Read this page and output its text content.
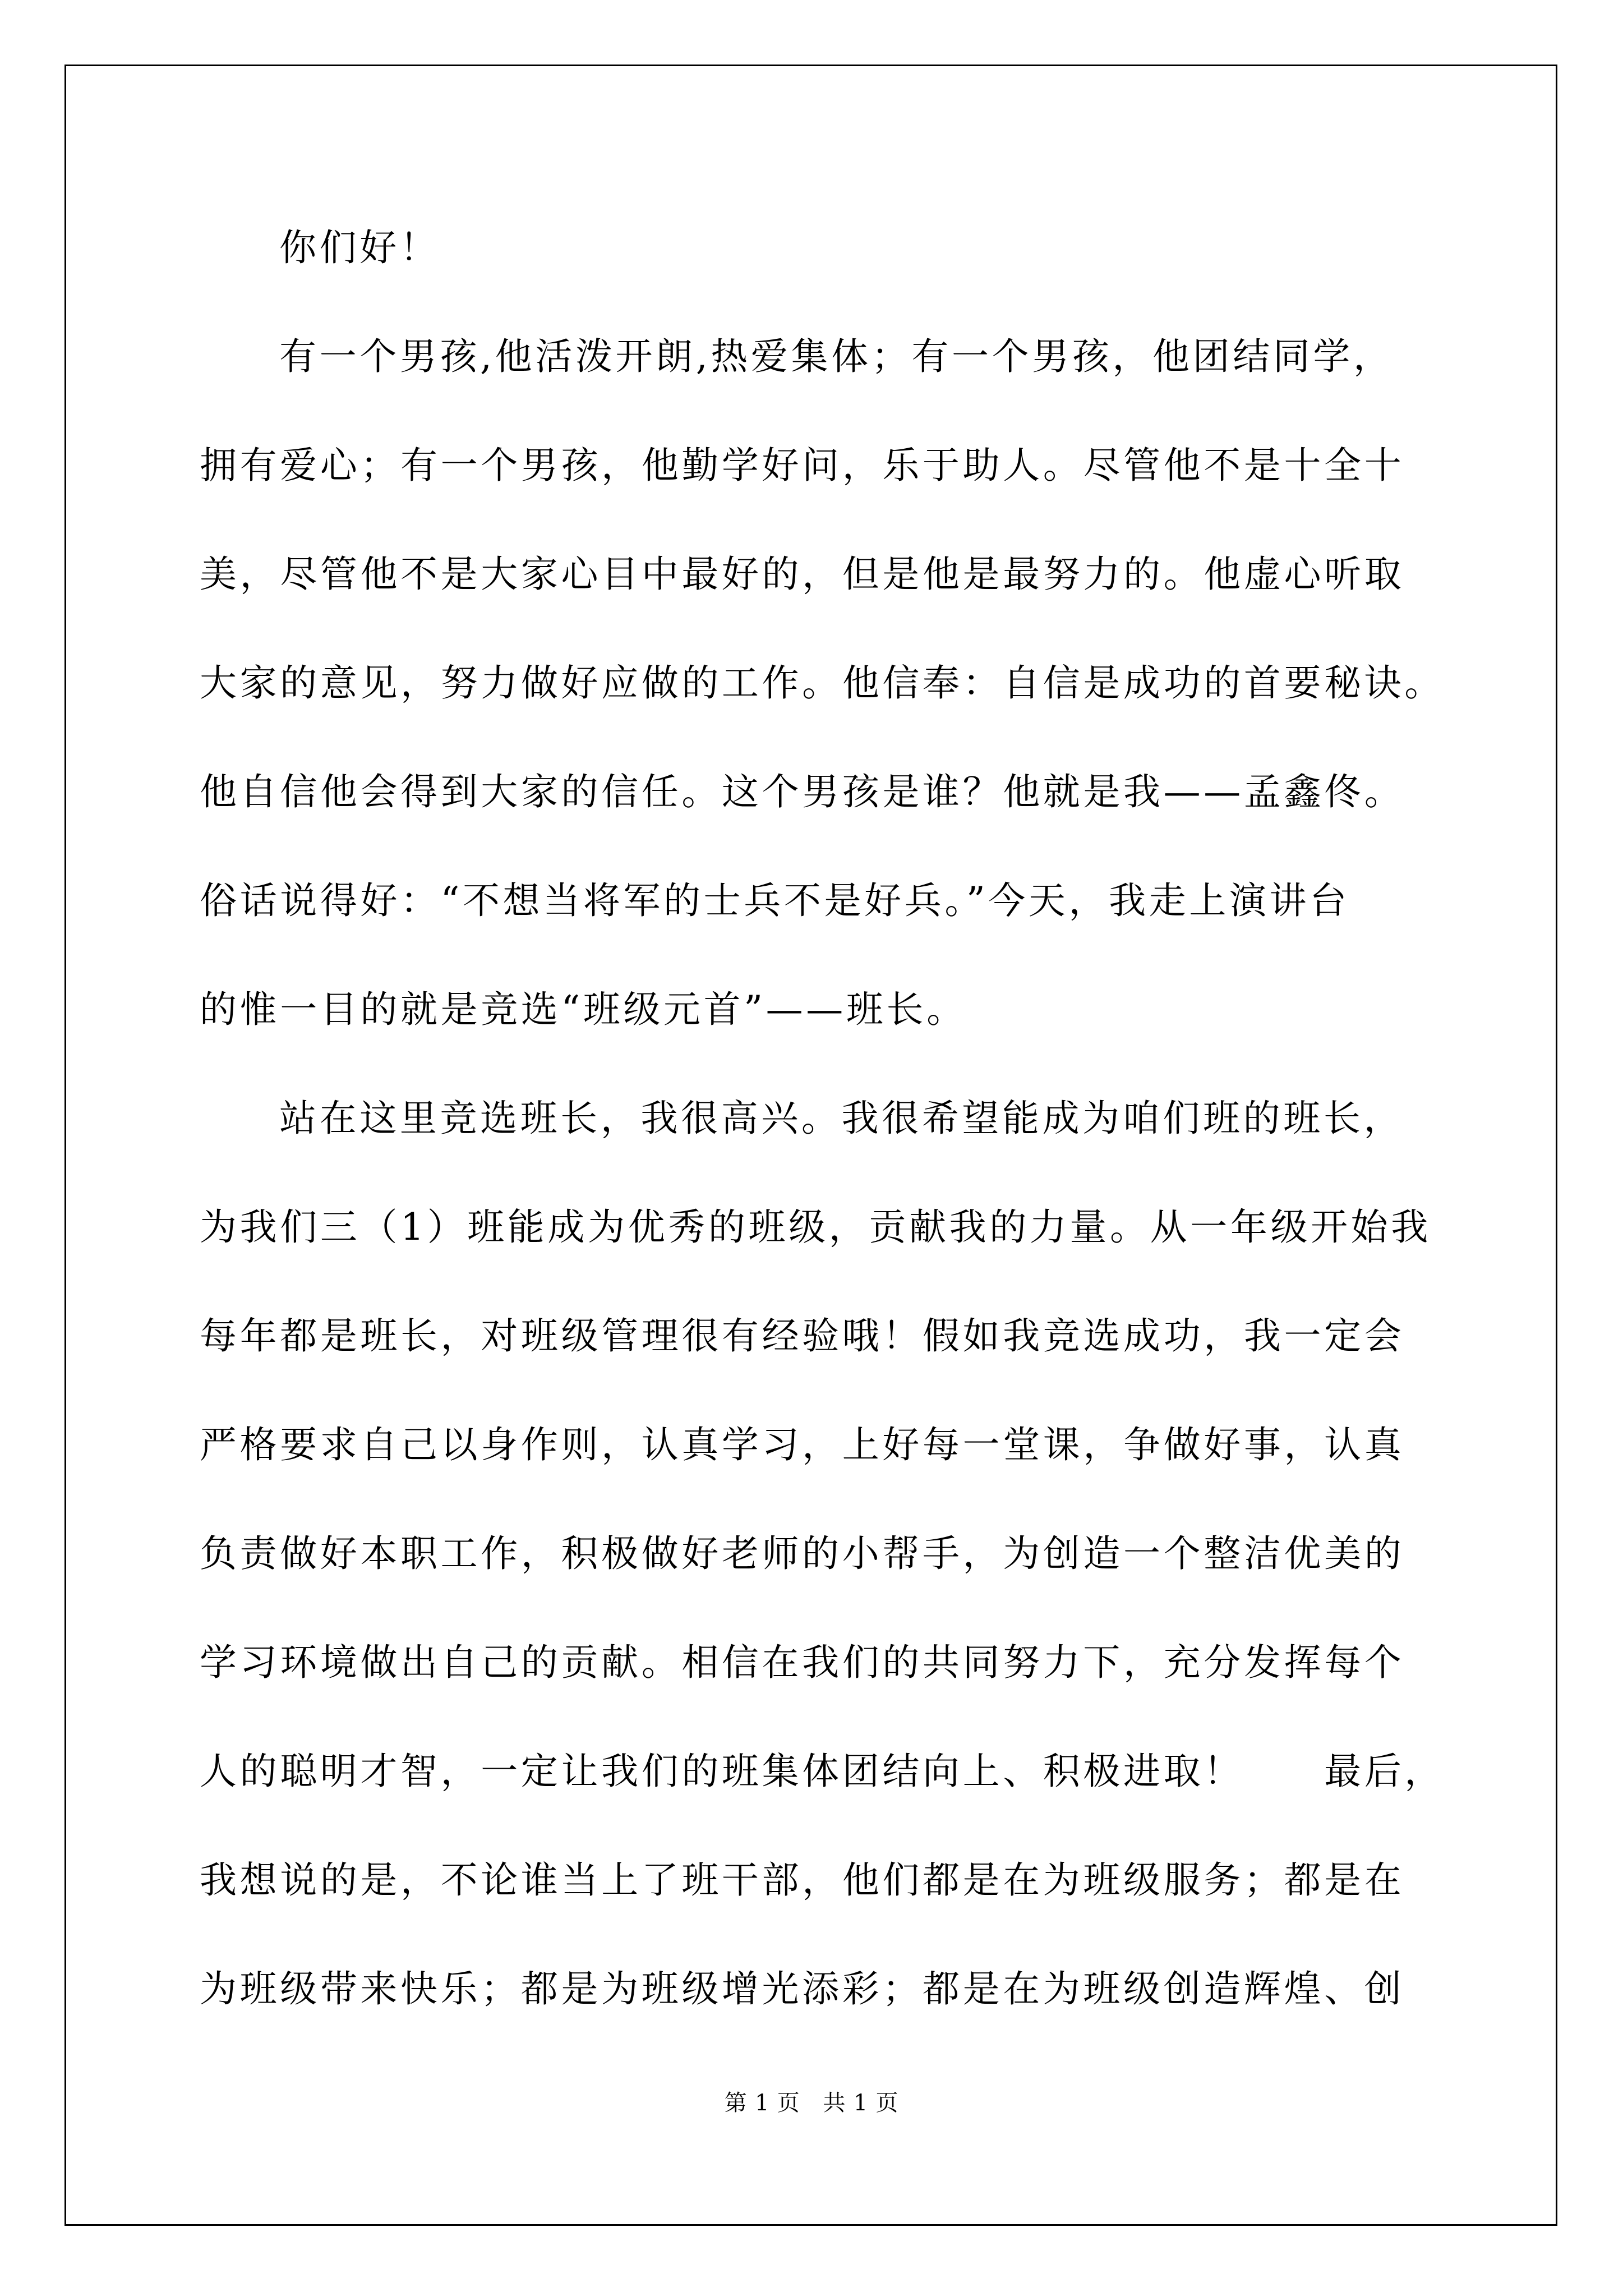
你们好！
有一个男孩,他活泼开朗,热爱集体；有一个男孩，他团结同学，
拥有爱心；有一个男孩，他勤学好问，乐于助人。尽管他不是十全十
美，尽管他不是大家心目中最好的，但是他是最努力的。他虚心听取
大家的意见，努力做好应做的工作。他信奉：自信是成功的首要秘诀。
他自信他会得到大家的信任。这个男孩是谁？他就是我——孟鑫佟。
俗话说得好：“不想当将军的士兵不是好兵。”今天，我走上演讲台
的惟一目的就是竞选“班级元首”——班长。
站在这里竞选班长，我很高兴。我很希望能成为咱们班的班长，
为我们三（1）班能成为优秀的班级，贡献我的力量。从一年级开始我
每年都是班长，对班级管理很有经验哦！假如我竞选成功，我一定会
严格要求自己以身作则，认真学习，上好每一堂课，争做好事，认真
负责做好本职工作，积极做好老师的小帮手，为创造一个整洁优美的
学习环境做出自己的贡献。相信在我们的共同努力下，充分发挥每个
人的聪明才智，一定让我们的班集体团结向上、积极进取！　　最后，
我想说的是，不论谁当上了班干部，他们都是在为班级服务；都是在
为班级带来快乐；都是为班级增光添彩；都是在为班级创造辉煌、创
第 1 页　共 1 页
